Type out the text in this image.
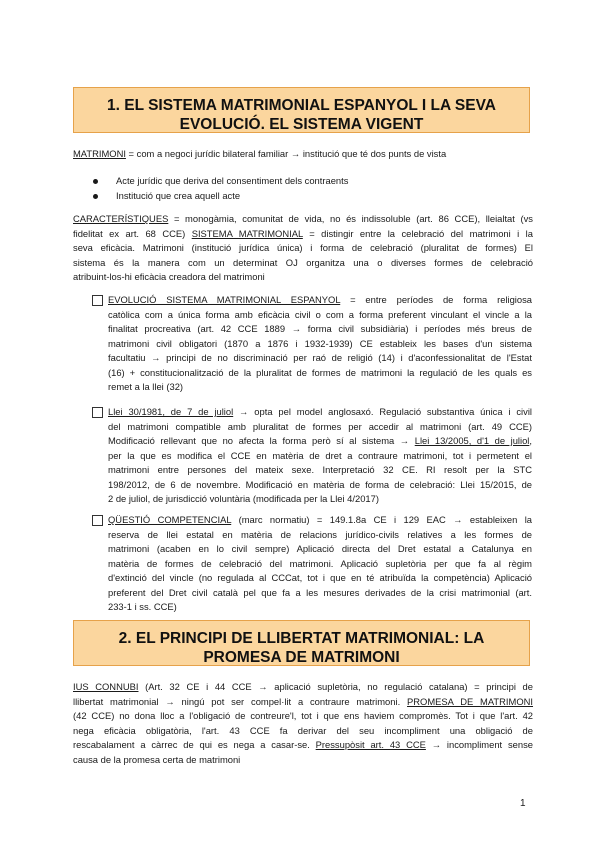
1. EL SISTEMA MATRIMONIAL ESPANYOL I LA SEVA
EVOLUCIÓ. EL SISTEMA VIGENT
MATRIMONI = com a negoci jurídic bilateral familiar → institució que té dos punts de vista
Acte jurídic que deriva del consentiment dels contraents
Institució que crea aquell acte
CARACTERÍSTIQUES = monogàmia, comunitat de vida, no és indissoluble (art. 86 CCE), lleialtat (vs
fidelitat ex art. 68 CCE) SISTEMA MATRIMONIAL = distingir entre la celebració del matrimoni i la
seva eficàcia. Matrimoni (institució jurídica única) i forma de celebració (pluralitat de formes) El
sistema és la manera com un determinat OJ organitza una o diverses formes de celebració
atribuint-los-hi eficàcia creadora del matrimoni
EVOLUCIÓ SISTEMA MATRIMONIAL ESPANYOL = entre períodes de forma religiosa
catòlica com a única forma amb eficàcia civil o com a forma preferent vinculant el vincle a la
finalitat procreativa (art. 42 CCE 1889 → forma civil subsidiària) i períodes més breus de
matrimoni civil obligatori (1870 a 1876 i 1932-1939) CE estableix les bases d'un sistema
facultatiu → principi de no discriminació per raó de religió (14) i d'aconfessionalitat de l'Estat
(16) + constitucionalització de la pluralitat de formes de matrimoni la regulació de les quals es
remet a la llei (32)
Llei 30/1981, de 7 de juliol → opta pel model anglosaxó. Regulació substantiva única i civil
del matrimoni compatible amb pluralitat de formes per accedir al matrimoni (art. 49 CCE)
Modificació rellevant que no afecta la forma però sí al sistema → Llei 13/2005, d'1 de juliol,
per la que es modifica el CCE en matèria de dret a contraure matrimoni, tot i permetent el
matrimoni entre persones del mateix sexe. Interpretació 32 CE. RI resolt per la STC
198/2012, de 6 de novembre. Modificació en matèria de forma de celebració: Llei 15/2015, de
2 de juliol, de jurisdicció voluntària (modificada per la Llei 4/2017)
QÜESTIÓ COMPETENCIAL (marc normatiu) = 149.1.8a CE i 129 EAC → estableixen la
reserva de llei estatal en matèria de relacions jurídico-civils relatives a les formes de
matrimoni (acaben en lo civil sempre) Aplicació directa del Dret estatal a Catalunya en
matèria de formes de celebració del matrimoni. Aplicació supletòria per que fa al règim
d'extinció del vincle (no regulada al CCCat, tot i que en té atribuïda la competència) Aplicació
preferent del Dret civil català pel que fa a les mesures derivades de la crisi matrimonial (art.
233-1 i ss. CCE)
2. EL PRINCIPI DE LLIBERTAT MATRIMONIAL: LA
PROMESA DE MATRIMONI
IUS CONNUBI (Art. 32 CE i 44 CCE → aplicació supletòria, no regulació catalana) = principi de
llibertat matrimonial → ningú pot ser compel·lit a contraure matrimoni. PROMESA DE MATRIMONI
(42 CCE) no dona lloc a l'obligació de contreure'l, tot i que ens haviem compromès. Tot i que l'art. 42
nega eficàcia obligatòria, l'art. 43 CCE fa derivar del seu incompliment una obligació de
rescabalament a càrrec de qui es nega a casar-se. Pressupòsit art. 43 CCE → incompliment sense
causa de la promesa certa de matrimoni
1
